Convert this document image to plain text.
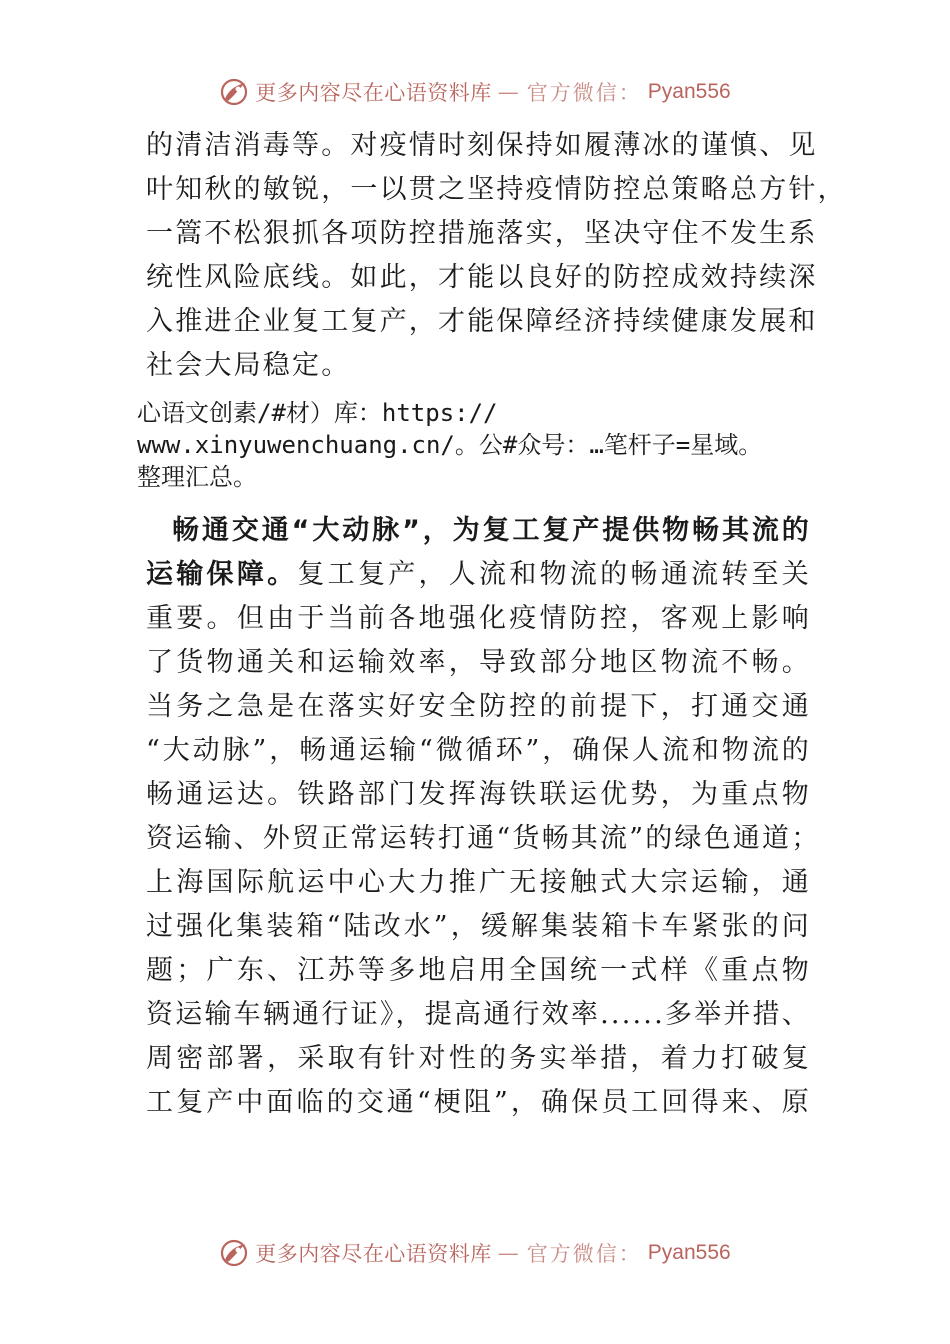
更多内容尽在心语资料库 — 官方微信： Pyan556
的清洁消毒等。对疫情时刻保持如履薄冰的谨慎、见
叶知秋的敏锐，一以贯之坚持疫情防控总策略总方针，
一篙不松狠抓各项防控措施落实，坚决守住不发生系
统性风险底线。如此，才能以良好的防控成效持续深
入推进企业复工复产，才能保障经济持续健康发展和
社会大局稳定。
心语文创素/#材）库：https://
www.xinyuwenchuang.cn/。公#众号：…笔杆子=星域。
整理汇总。
畅通交通“大动脉”，为复工复产提供物畅其流的
运输保障。复工复产，人流和物流的畅通流转至关
重要。但由于当前各地强化疫情防控，客观上影响
了货物通关和运输效率，导致部分地区物流不畅。
当务之急是在落实好安全防控的前提下，打通交通
“大动脉”，畅通运输“微循环”，确保人流和物流的
畅通运达。铁路部门发挥海铁联运优势，为重点物
资运输、外贸正常运转打通“货畅其流”的绿色通道；
上海国际航运中心大力推广无接触式大宗运输，通
过强化集装箱“陆改水”，缓解集装箱卡车紧张的问
题；广东、江苏等多地启用全国统一式样《重点物
资运输车辆通行证》，提高通行效率......多举并措、
周密部署，采取有针对性的务实举措，着力打破复
工复产中面临的交通“梗阻”，确保员工回得来、原
更多内容尽在心语资料库 — 官方微信： Pyan556
